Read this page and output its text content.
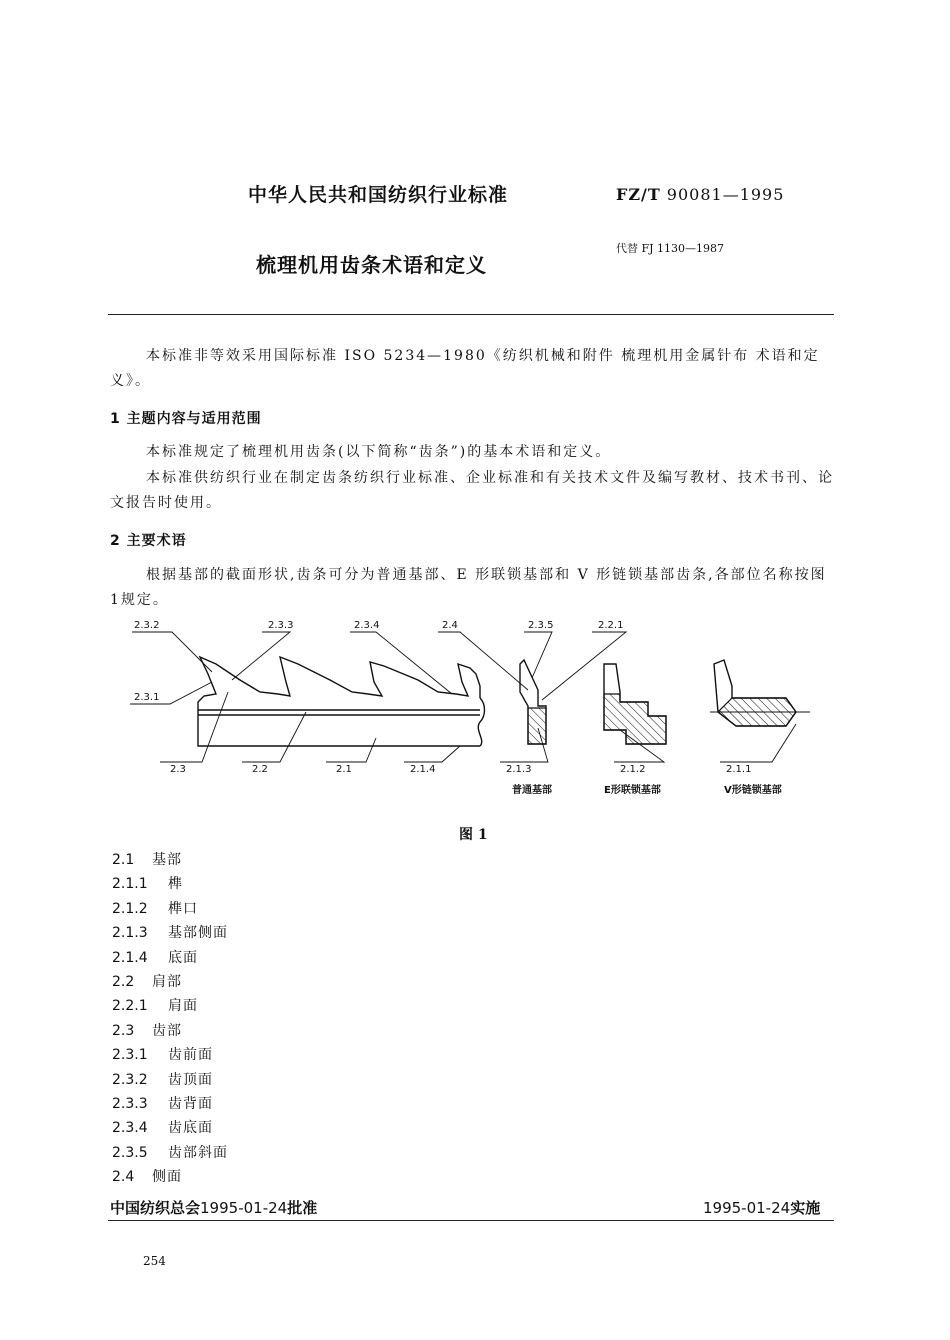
中华人民共和国纺织行业标准	FZ/T 90081—1995
梳理机用齿条术语和定义
代替 FJ 1130—1987
本标准非等效采用国际标准 ISO 5234—1980《纺织机械和附件 梳理机用金属针布 术语和定义》。
1 主题内容与适用范围
本标准规定了梳理机用齿条(以下简称“齿条”)的基本术语和定义。
本标准供纺织行业在制定齿条纺织行业标准、企业标准和有关技术文件及编写教材、技术书刊、论文报告时使用。
2 主要术语
根据基部的截面形状,齿条可分为普通基部、E 形联锁基部和 V 形链锁基部齿条,各部位名称按图 1规定。
2.3.2	2.3.3	2.3.4	2.4	2.3.5	2.2.1
2.3.1
2.3	2.2	2.1	2.1.4	2.1.3	2.1.2	2.1.1
普通基部	E形联锁基部	V形链锁基部
图 1
2.1 基部
2.1.1 榫
2.1.2 榫口
2.1.3 基部侧面
2.1.4 底面
2.2 肩部
2.2.1 肩面
2.3 齿部
2.3.1 齿前面
2.3.2 齿顶面
2.3.3 齿背面
2.3.4 齿底面
2.3.5 齿部斜面
2.4 侧面
中国纺织总会1995-01-24批准	1995-01-24实施
254
